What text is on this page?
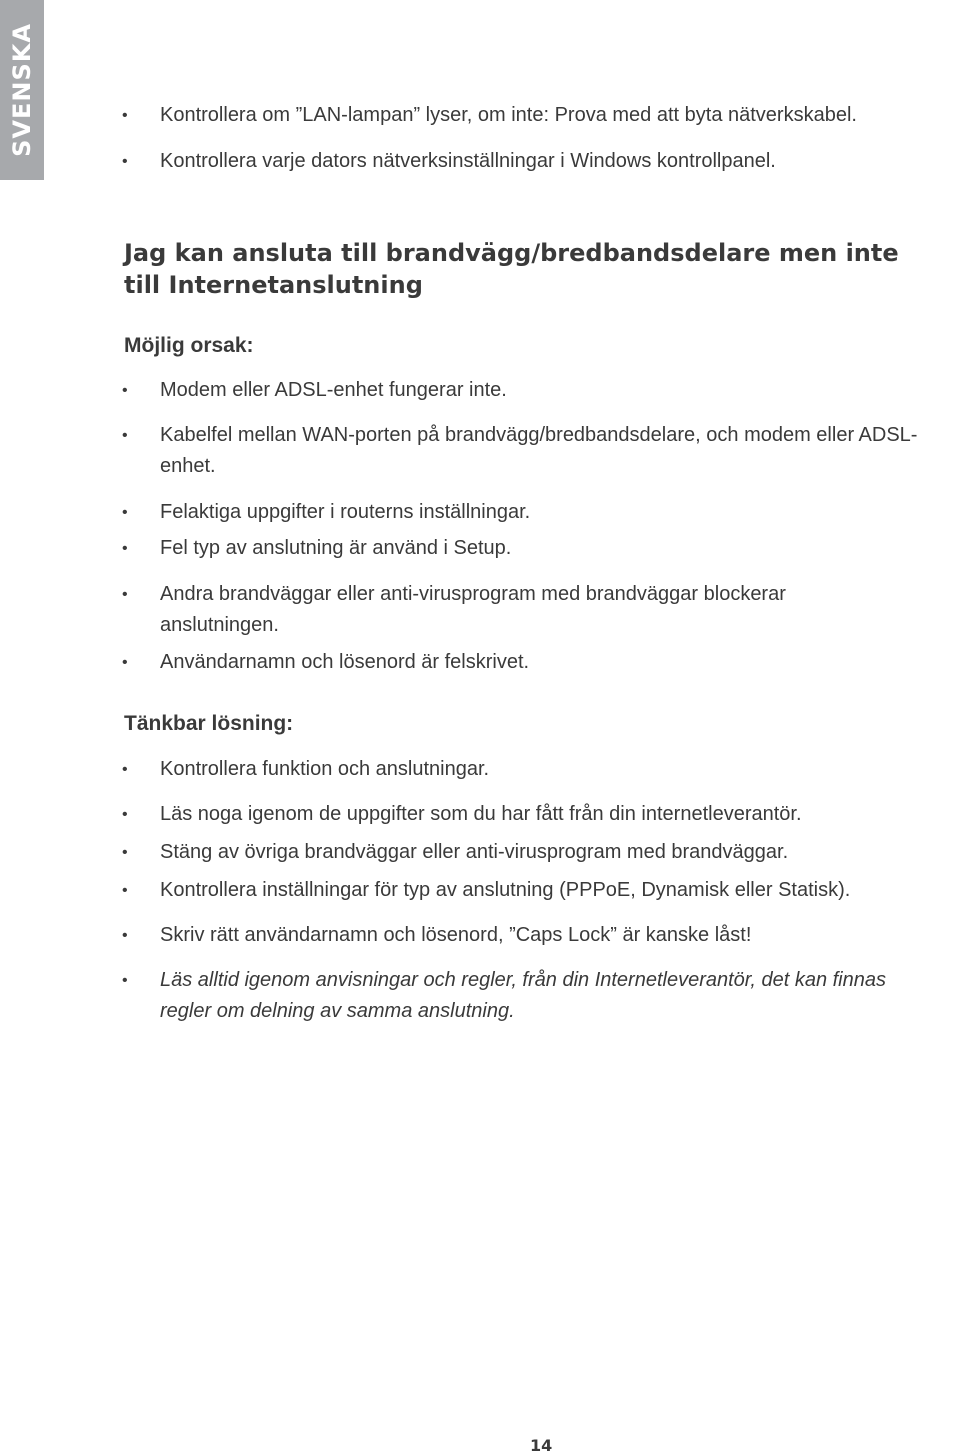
SVENSKA	• Kontrollera om ”LAN-lampan” lyser, om inte: Prova med att byta nätverkskabel.
• Kontrollera varje dators nätverksinställningar i Windows kontrollpanel.
Jag kan ansluta till brandvägg/bredbandsdelare men inte till Internetanslutning
Möjlig orsak:
• Modem eller ADSL-enhet fungerar inte.
• Kabelfel mellan WAN-porten på brandvägg/bredbandsdelare, och modem eller ADSL-enhet.
• Felaktiga uppgifter i routerns inställningar.
• Fel typ av anslutning är använd i Setup.
• Andra brandväggar eller anti-virusprogram med brandväggar blockerar anslutningen.
• Användarnamn och lösenord är felskrivet.
Tänkbar lösning:
• Kontrollera funktion och anslutningar.
• Läs noga igenom de uppgifter som du har fått från din internetleverantör.
• Stäng av övriga brandväggar eller anti-virusprogram med brandväggar.
• Kontrollera inställningar för typ av anslutning (PPPoE, Dynamisk eller Statisk).
• Skriv rätt användarnamn och lösenord, ”Caps Lock” är kanske låst!
• Läs alltid igenom anvisningar och regler, från din Internetleverantör, det kan finnas regler om delning av samma anslutning.
14
